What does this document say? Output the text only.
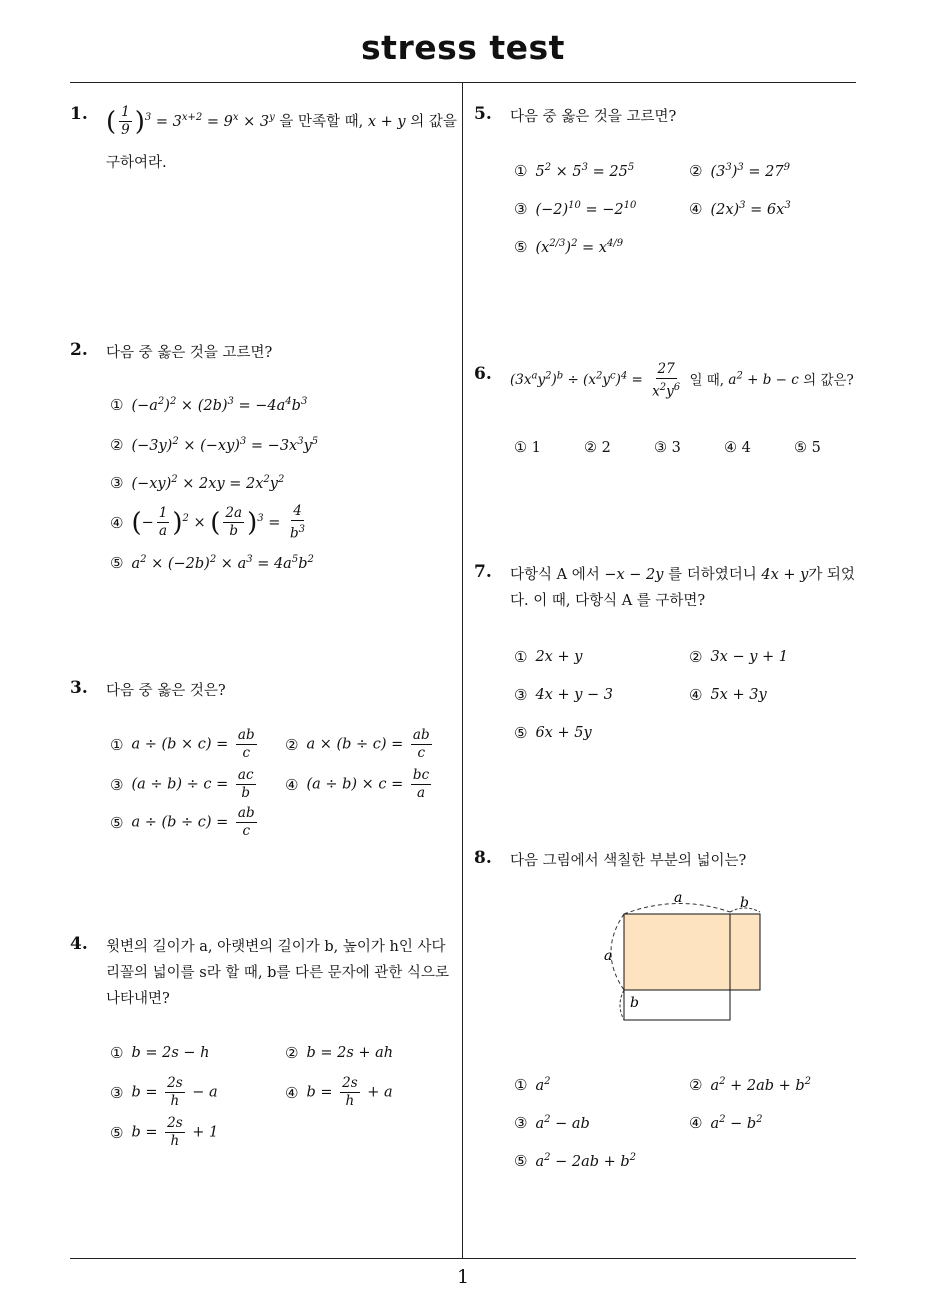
stress test
1
1. ( $\frac{1}{9} )^3 = 3^{x+2} = 9^x \times 3^y$ 을 만족할 때, x + y 의 값을
구하여라.
2. 다음 중 옳은 것을 고르면?
① $(-a^2)^2 \times (2b)^3 = -4a^4b^3$
② $(-3y)^2 \times (-xy)^3 = -3x^3y^5$
③ $(-xy)^2 \times 2xy = 2x^2y^2$
④ (− $\frac{1}{a} )^2$ × ( $\frac{2a}{b} )^3 = \frac{4}{b^3}$
⑤ $a^2 \times (-2b)^2 \times a^3 = 4a^5b^2$
3. 다음 중 옳은 것은?
① $a \div (b \times c) = \frac{ab}{c}$ ② $a \times (b \div c) = \frac{ab}{c}$
③ $(a \div b) \div c = \frac{ac}{b}$ ④ $(a \div b) \times c = \frac{bc}{a}$
⑤ $a \div (b \div c) = \frac{ab}{c}$
4. 윗변의 길이가 a, 아랫변의 길이가 b, 높이가 h인 사다
리꼴의 넓이를 s라 할 때, b를 다른 문자에 관한 식으로
나타내면?
① b = 2s − h	② b = 2s + ah
③ $b = \frac{2s}{h} - a$	④ $b = \frac{2s}{h} + a$
⑤ $b = \frac{2s}{h} + 1$
5. 다음 중 옳은 것을 고르면?
① $5^2 \times 5^3 = 25^5$	② $(3^3)^3 = 27^9$
③ $(-2)^{10} = -2^{10}$	④ $(2x)^3 = 6x^3$
⑤ $(x^{2/3})^2 = x^{4/9}$
6. $(3x^ay^2)^b \div (x^2y^c)^4 = \frac{27}{x^2y^6}$ 일 때, $a^2 + b - c$ 의 값은?
① 1	② 2	③ 3	④ 4	⑤ 5
7. 다항식 A 에서 −x − 2y 를 더하였더니 4x + y가 되었
다. 이 때, 다항식 A 를 구하면?
① 2x + y	② 3x − y + 1
③ 4x + y − 3	④ 5x + 3y
⑤ 6x + 5y
8. 다음 그림에서 색칠한 부분의 넓이는?
a	b
a
b
① $a^2$	② $a^2 + 2ab + b^2$
③ $a^2$ − ab	④ $a^2 - b^2$
⑤ $a^2 - 2ab + b^2$
